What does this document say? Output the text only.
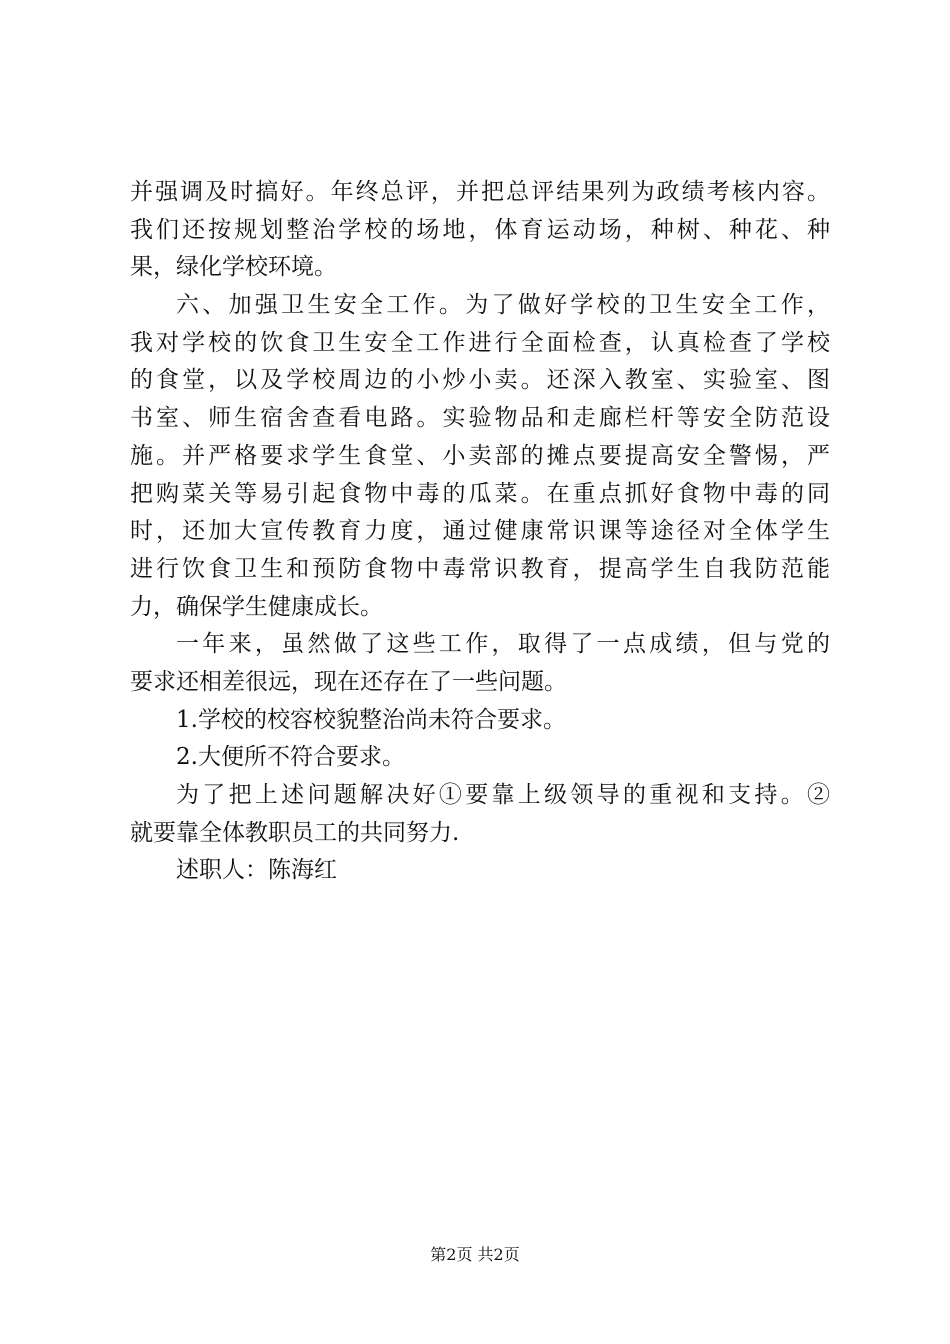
并强调及时搞好。年终总评，并把总评结果列为政绩考核内容。
我们还按规划整治学校的场地，体育运动场，种树、种花、种
果，绿化学校环境。
六、加强卫生安全工作。为了做好学校的卫生安全工作，
我对学校的饮食卫生安全工作进行全面检查，认真检查了学校
的食堂，以及学校周边的小炒小卖。还深入教室、实验室、图
书室、师生宿舍查看电路。实验物品和走廊栏杆等安全防范设
施。并严格要求学生食堂、小卖部的摊点要提高安全警惕，严
把购菜关等易引起食物中毒的瓜菜。在重点抓好食物中毒的同
时，还加大宣传教育力度，通过健康常识课等途径对全体学生
进行饮食卫生和预防食物中毒常识教育，提高学生自我防范能
力，确保学生健康成长。
一年来，虽然做了这些工作，取得了一点成绩，但与党的
要求还相差很远，现在还存在了一些问题。
1.学校的校容校貌整治尚未符合要求。
2.大便所不符合要求。
为了把上述问题解决好①要靠上级领导的重视和支持。②
就要靠全体教职员工的共同努力.
述职人：陈海红
第2页 共2页
